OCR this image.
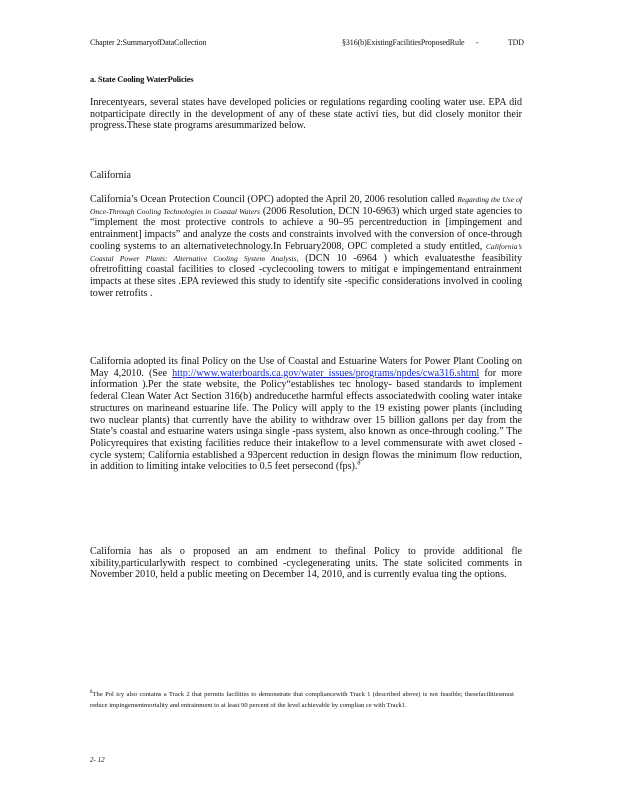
Chapter 2:SummaryofDataCollection	§316(b)ExistingFacilitiesProposedRule -	TDD
a. State Cooling WaterPolicies
Inrecentyears, several states have developed policies or regulations regarding cooling water use. EPA did notparticipate directly in the development of any of these state activi ties, but did closely monitor their progress.These state programs aresummarized below.
California
California’s Ocean Protection Council (OPC) adopted the April 20, 2006 resolution called Regarding the Use of Once-Through Cooling Technologies in Coastal Waters (2006 Resolution, DCN 10-6963) which urged state agencies to “implement the most protective controls to achieve a 90–95 percentreduction in [impingement and entrainment] impacts” and analyze the costs and constraints involved with the conversion of once-through cooling systems to an alternativetechnology.In February2008, OPC completed a study entitled, California’s Coastal Power Plants: Alternative Cooling System Analysis, (DCN 10 -6964 ) which evaluatesthe feasibility ofretrofitting coastal facilities to closed -cyclecooling towers to mitigat e impingementand entrainment impacts at these sites .EPA reviewed this study to identify site -specific considerations involved in cooling tower retrofits .
California adopted its final Policy on the Use of Coastal and Estuarine Waters for Power Plant Cooling on May 4,2010. (See http://www.waterboards.ca.gov/water_issues/programs/npdes/cwa316.shtml for more information ).Per the state website, the Policy“establishes tec hnology- based standards to implement federal Clean Water Act Section 316(b) andreducethe harmful effects associatedwith cooling water intake structures on marineand estuarine life. The Policy will apply to the 19 existing power plants (including two nuclear plants) that currently have the ability to withdraw over 15 billion gallons per day from the State’s coastal and estuarine waters usinga single -pass system, also known as once-through cooling.” The Policyrequires that existing facilities reduce their intakeflow to a level commensurate with awet closed - cycle system; California established a 93percent reduction in design flowas the minimum flow reduction, in addition to limiting intake velocities to 0.5 feet persecond (fps).$^8$
California has als o proposed an am endment to thefinal Policy to provide additional fle xibility,particularlywith respect to combined -cyclegenerating units. The state solicited comments in November 2010, held a public meeting on December 14, 2010, and is currently evalua ting the options.
$^8$The Pol icy also contains a Track 2 that permits facilities to demonstrate that compliancewith Track 1 (described above) is not feasible; thesefacilitiesmust reduce impingementmortality and entrainment to at least 90 percent of the level achievable by complian ce with Track1.
2- 12
